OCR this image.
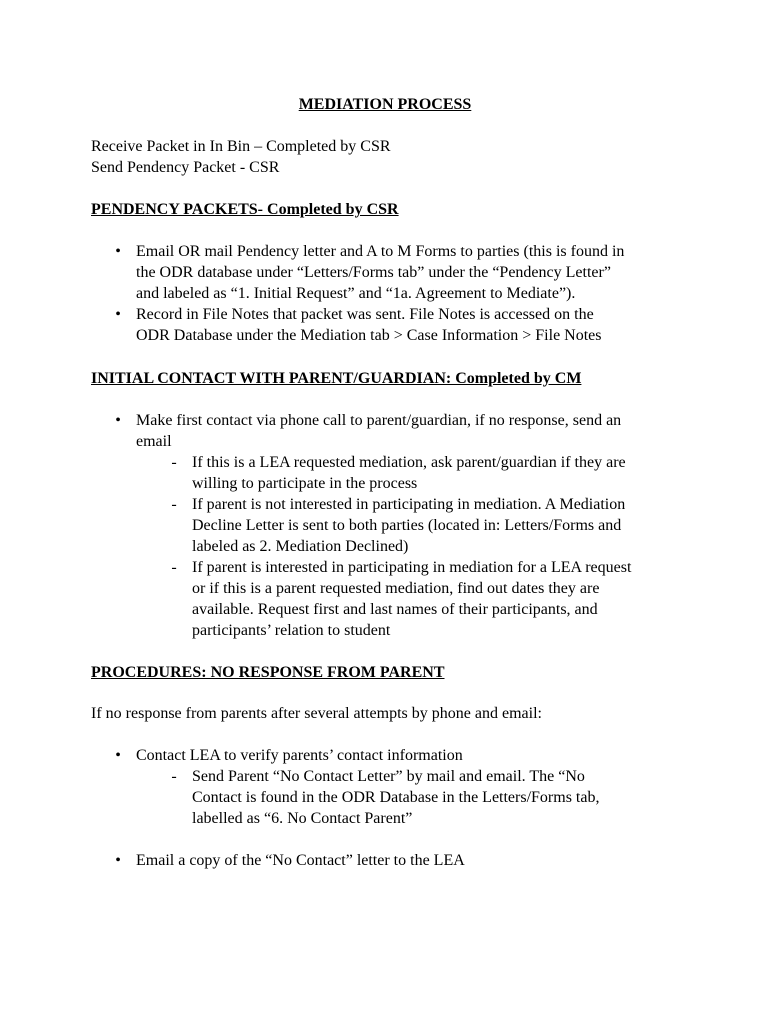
MEDIATION PROCESS
Receive Packet in In Bin – Completed by CSR
Send Pendency Packet - CSR
PENDENCY PACKETS- Completed by CSR
• Email OR mail Pendency letter and A to M Forms to parties (this is found in
the ODR database under “Letters/Forms tab” under the “Pendency Letter”
and labeled as “1. Initial Request” and “1a. Agreement to Mediate”).
• Record in File Notes that packet was sent. File Notes is accessed on the
ODR Database under the Mediation tab > Case Information > File Notes
INITIAL CONTACT WITH PARENT/GUARDIAN: Completed by CM
• Make first contact via phone call to parent/guardian, if no response, send an
email
- If this is a LEA requested mediation, ask parent/guardian if they are
willing to participate in the process
- If parent is not interested in participating in mediation. A Mediation
Decline Letter is sent to both parties (located in: Letters/Forms and
labeled as 2. Mediation Declined)
- If parent is interested in participating in mediation for a LEA request
or if this is a parent requested mediation, find out dates they are
available. Request first and last names of their participants, and
participants’ relation to student
PROCEDURES: NO RESPONSE FROM PARENT
If no response from parents after several attempts by phone and email:
• Contact LEA to verify parents’ contact information
- Send Parent “No Contact Letter” by mail and email. The “No
Contact is found in the ODR Database in the Letters/Forms tab,
labelled as “6. No Contact Parent”
• Email a copy of the “No Contact” letter to the LEA
